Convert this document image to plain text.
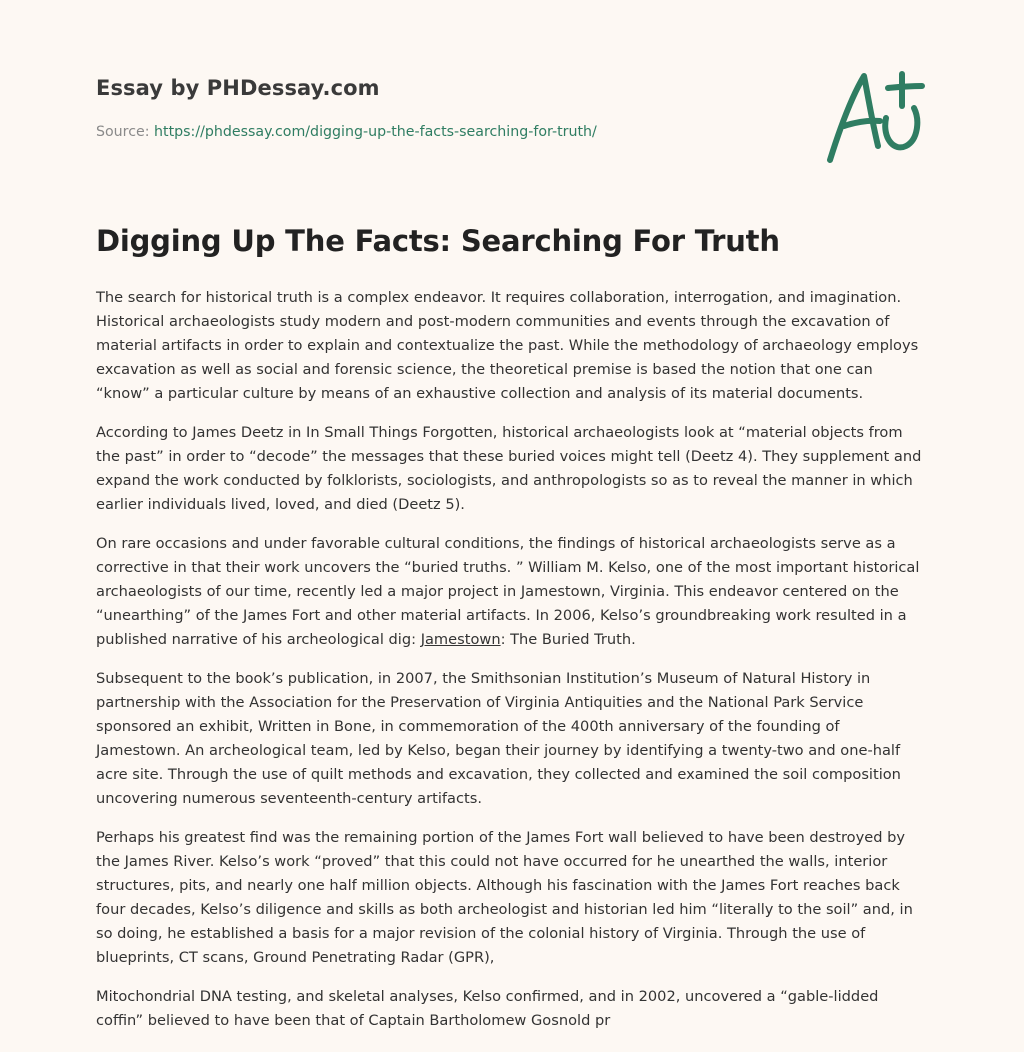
Essay by PHDessay.com
Source: https://phdessay.com/digging-up-the-facts-searching-for-truth/
Digging Up The Facts: Searching For Truth

The search for historical truth is a complex endeavor. It requires collaboration, interrogation, and imagination. Historical archaeologists study modern and post-modern communities and events through the excavation of material artifacts in order to explain and contextualize the past. While the methodology of archaeology employs excavation as well as social and forensic science, the theoretical premise is based the notion that one can “know” a particular culture by means of an exhaustive collection and analysis of its material documents.

According to James Deetz in In Small Things Forgotten, historical archaeologists look at “material objects from the past” in order to “decode” the messages that these buried voices might tell (Deetz 4). They supplement and expand the work conducted by folklorists, sociologists, and anthropologists so as to reveal the manner in which earlier individuals lived, loved, and died (Deetz 5).

On rare occasions and under favorable cultural conditions, the findings of historical archaeologists serve as a corrective in that their work uncovers the “buried truths. ” William M. Kelso, one of the most important historical archaeologists of our time, recently led a major project in Jamestown, Virginia. This endeavor centered on the “unearthing” of the James Fort and other material artifacts. In 2006, Kelso’s groundbreaking work resulted in a published narrative of his archeological dig: Jamestown: The Buried Truth.

Subsequent to the book’s publication, in 2007, the Smithsonian Institution’s Museum of Natural History in partnership with the Association for the Preservation of Virginia Antiquities and the National Park Service sponsored an exhibit, Written in Bone, in commemoration of the 400th anniversary of the founding of Jamestown. An archeological team, led by Kelso, began their journey by identifying a twenty-two and one-half acre site. Through the use of quilt methods and excavation, they collected and examined the soil composition uncovering numerous seventeenth-century artifacts.

Perhaps his greatest find was the remaining portion of the James Fort wall believed to have been destroyed by the James River. Kelso’s work “proved” that this could not have occurred for he unearthed the walls, interior structures, pits, and nearly one half million objects. Although his fascination with the James Fort reaches back four decades, Kelso’s diligence and skills as both archeologist and historian led him “literally to the soil” and, in so doing, he established a basis for a major revision of the colonial history of Virginia. Through the use of blueprints, CT scans, Ground Penetrating Radar (GPR),

Mitochondrial DNA testing, and skeletal analyses, Kelso confirmed, and in 2002, uncovered a “gable-lidded coffin” believed to have been that of Captain Bartholomew Gosnold pr
